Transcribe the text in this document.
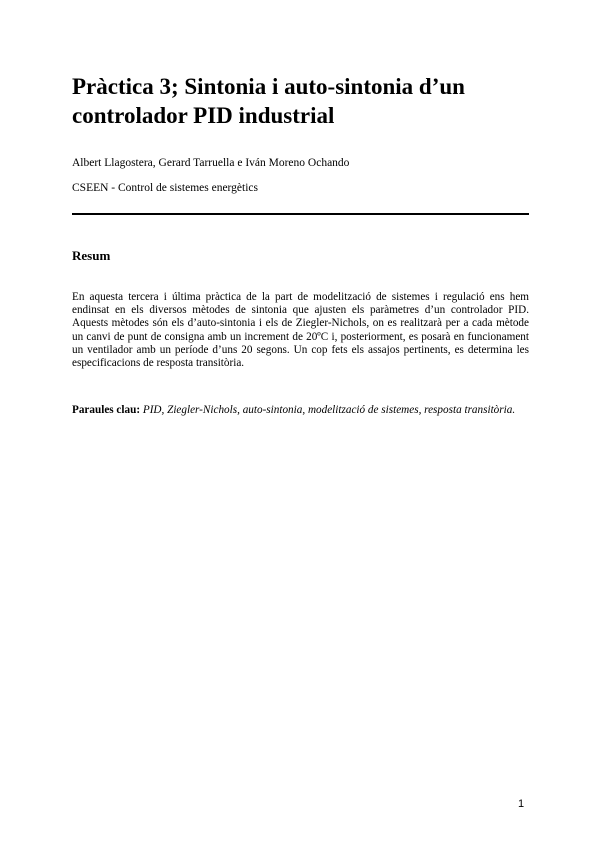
Pràctica 3; Sintonia i auto-sintonia d’un controlador PID industrial

Albert Llagostera, Gerard Tarruella e Iván Moreno Ochando

CSEEN - Control de sistemes energètics

Resum

En aquesta tercera i última pràctica de la part de modelització de sistemes i regulació ens hem endinsat en els diversos mètodes de sintonia que ajusten els paràmetres d’un controlador PID. Aquests mètodes són els d’auto-sintonia i els de Ziegler-Nichols, on es realitzarà per a cada mètode un canvi de punt de consigna amb un increment de 20ºC i, posteriorment, es posarà en funcionament un ventilador amb un període d’uns 20 segons. Un cop fets els assajos pertinents, es determina les especificacions de resposta transitòria.

Paraules clau: PID, Ziegler-Nichols, auto-sintonia, modelització de sistemes, resposta transitòria.

1
